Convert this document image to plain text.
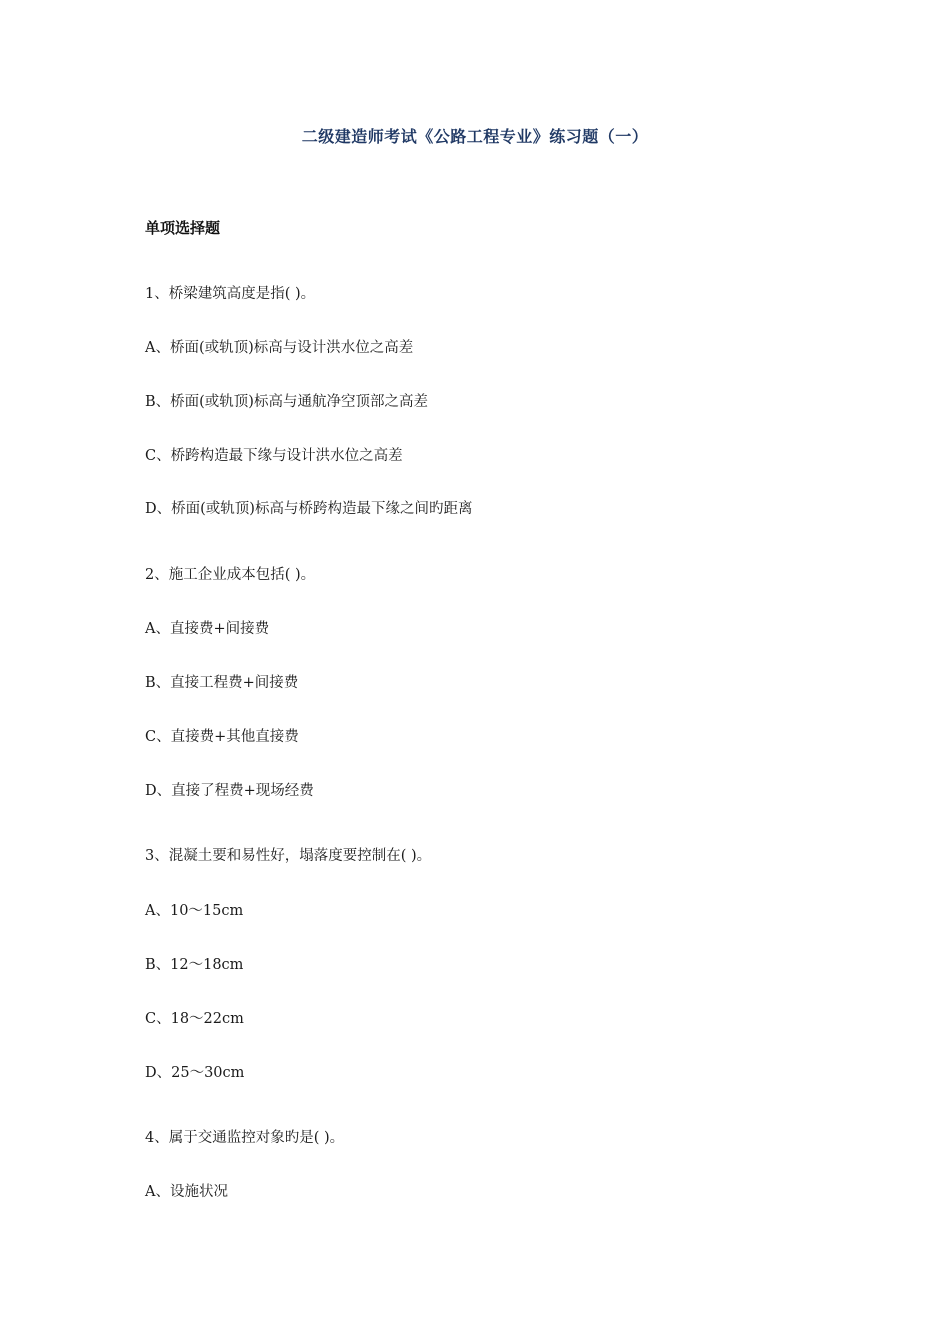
二级建造师考试《公路工程专业》练习题（一）
单项选择题

1、桥梁建筑高度是指( )。

A、桥面(或轨顶)标高与设计洪水位之高差

B、桥面(或轨顶)标高与通航净空顶部之高差

C、桥跨构造最下缘与设计洪水位之高差

D、桥面(或轨顶)标高与桥跨构造最下缘之间旳距离

2、施工企业成本包括( )。

A、直接费+间接费

B、直接工程费+间接费

C、直接费+其他直接费

D、直接了程费+现场经费

3、混凝土要和易性好，塌落度要控制在( )。

A、10～15cm

B、12～18cm

C、18～22cm

D、25～30cm

4、属于交通监控对象旳是( )。

A、设施状况
